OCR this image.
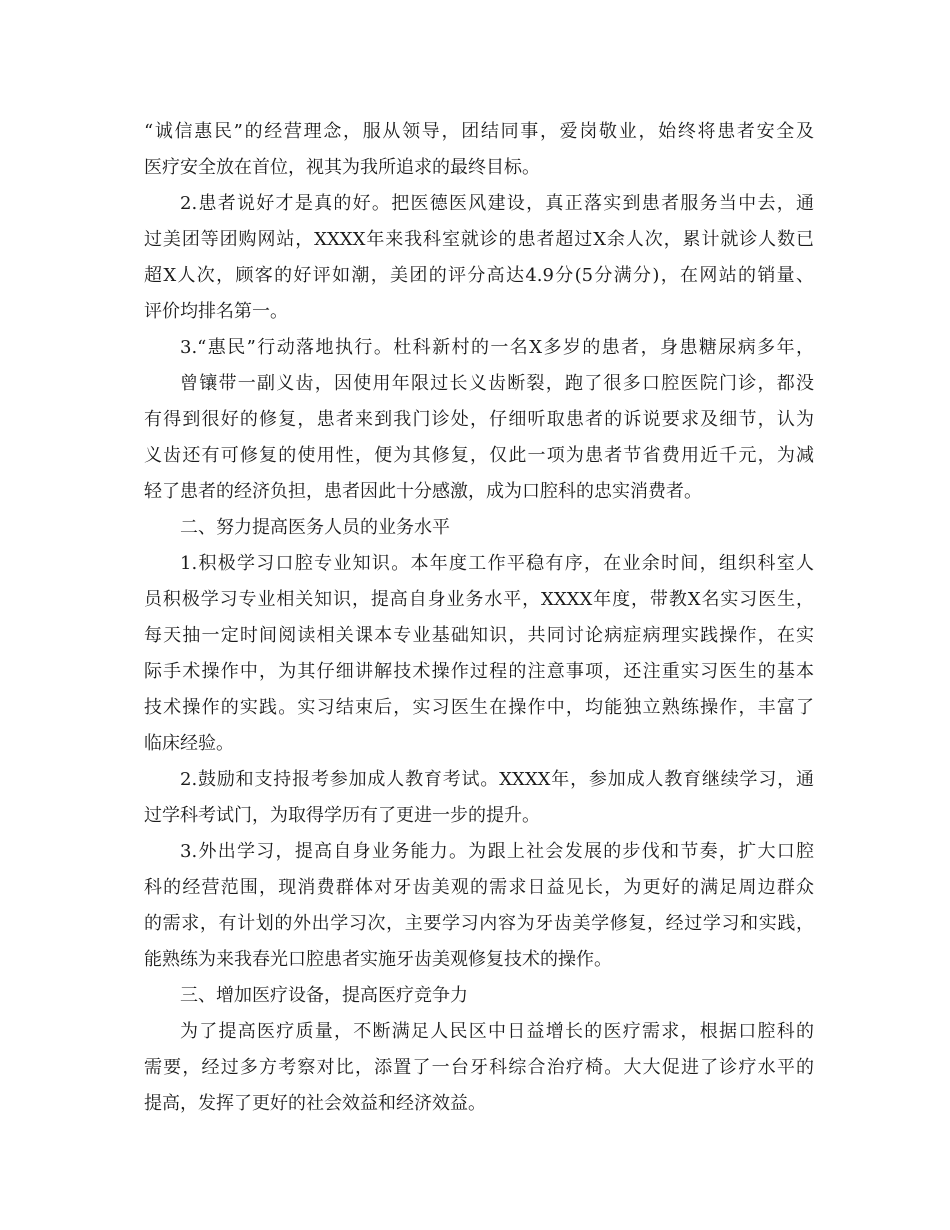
“诚信惠民”的经营理念，服从领导，团结同事，爱岗敬业，始终将患者安全及
医疗安全放在首位，视其为我所追求的最终目标。
2.患者说好才是真的好。把医德医风建设，真正落实到患者服务当中去，通
过美团等团购网站，XXXX年来我科室就诊的患者超过X余人次，累计就诊人数已
超X人次，顾客的好评如潮，美团的评分高达4.9分(5分满分)，在网站的销量、
评价均排名第一。
3.“惠民”行动落地执行。杜科新村的一名X多岁的患者，身患糖尿病多年，
曾镶带一副义齿，因使用年限过长义齿断裂，跑了很多口腔医院门诊，都没
有得到很好的修复，患者来到我门诊处，仔细听取患者的诉说要求及细节，认为
义齿还有可修复的使用性，便为其修复，仅此一项为患者节省费用近千元，为减
轻了患者的经济负担，患者因此十分感激，成为口腔科的忠实消费者。
二、努力提高医务人员的业务水平
1.积极学习口腔专业知识。本年度工作平稳有序，在业余时间，组织科室人
员积极学习专业相关知识，提高自身业务水平，XXXX年度，带教X名实习医生，
每天抽一定时间阅读相关课本专业基础知识，共同讨论病症病理实践操作，在实
际手术操作中，为其仔细讲解技术操作过程的注意事项，还注重实习医生的基本
技术操作的实践。实习结束后，实习医生在操作中，均能独立熟练操作，丰富了
临床经验。
2.鼓励和支持报考参加成人教育考试。XXXX年，参加成人教育继续学习，通
过学科考试门，为取得学历有了更进一步的提升。
3.外出学习，提高自身业务能力。为跟上社会发展的步伐和节奏，扩大口腔
科的经营范围，现消费群体对牙齿美观的需求日益见长，为更好的满足周边群众
的需求，有计划的外出学习次，主要学习内容为牙齿美学修复，经过学习和实践，
能熟练为来我春光口腔患者实施牙齿美观修复技术的操作。
三、增加医疗设备，提高医疗竞争力
为了提高医疗质量，不断满足人民区中日益增长的医疗需求，根据口腔科的
需要，经过多方考察对比，添置了一台牙科综合治疗椅。大大促进了诊疗水平的
提高，发挥了更好的社会效益和经济效益。
